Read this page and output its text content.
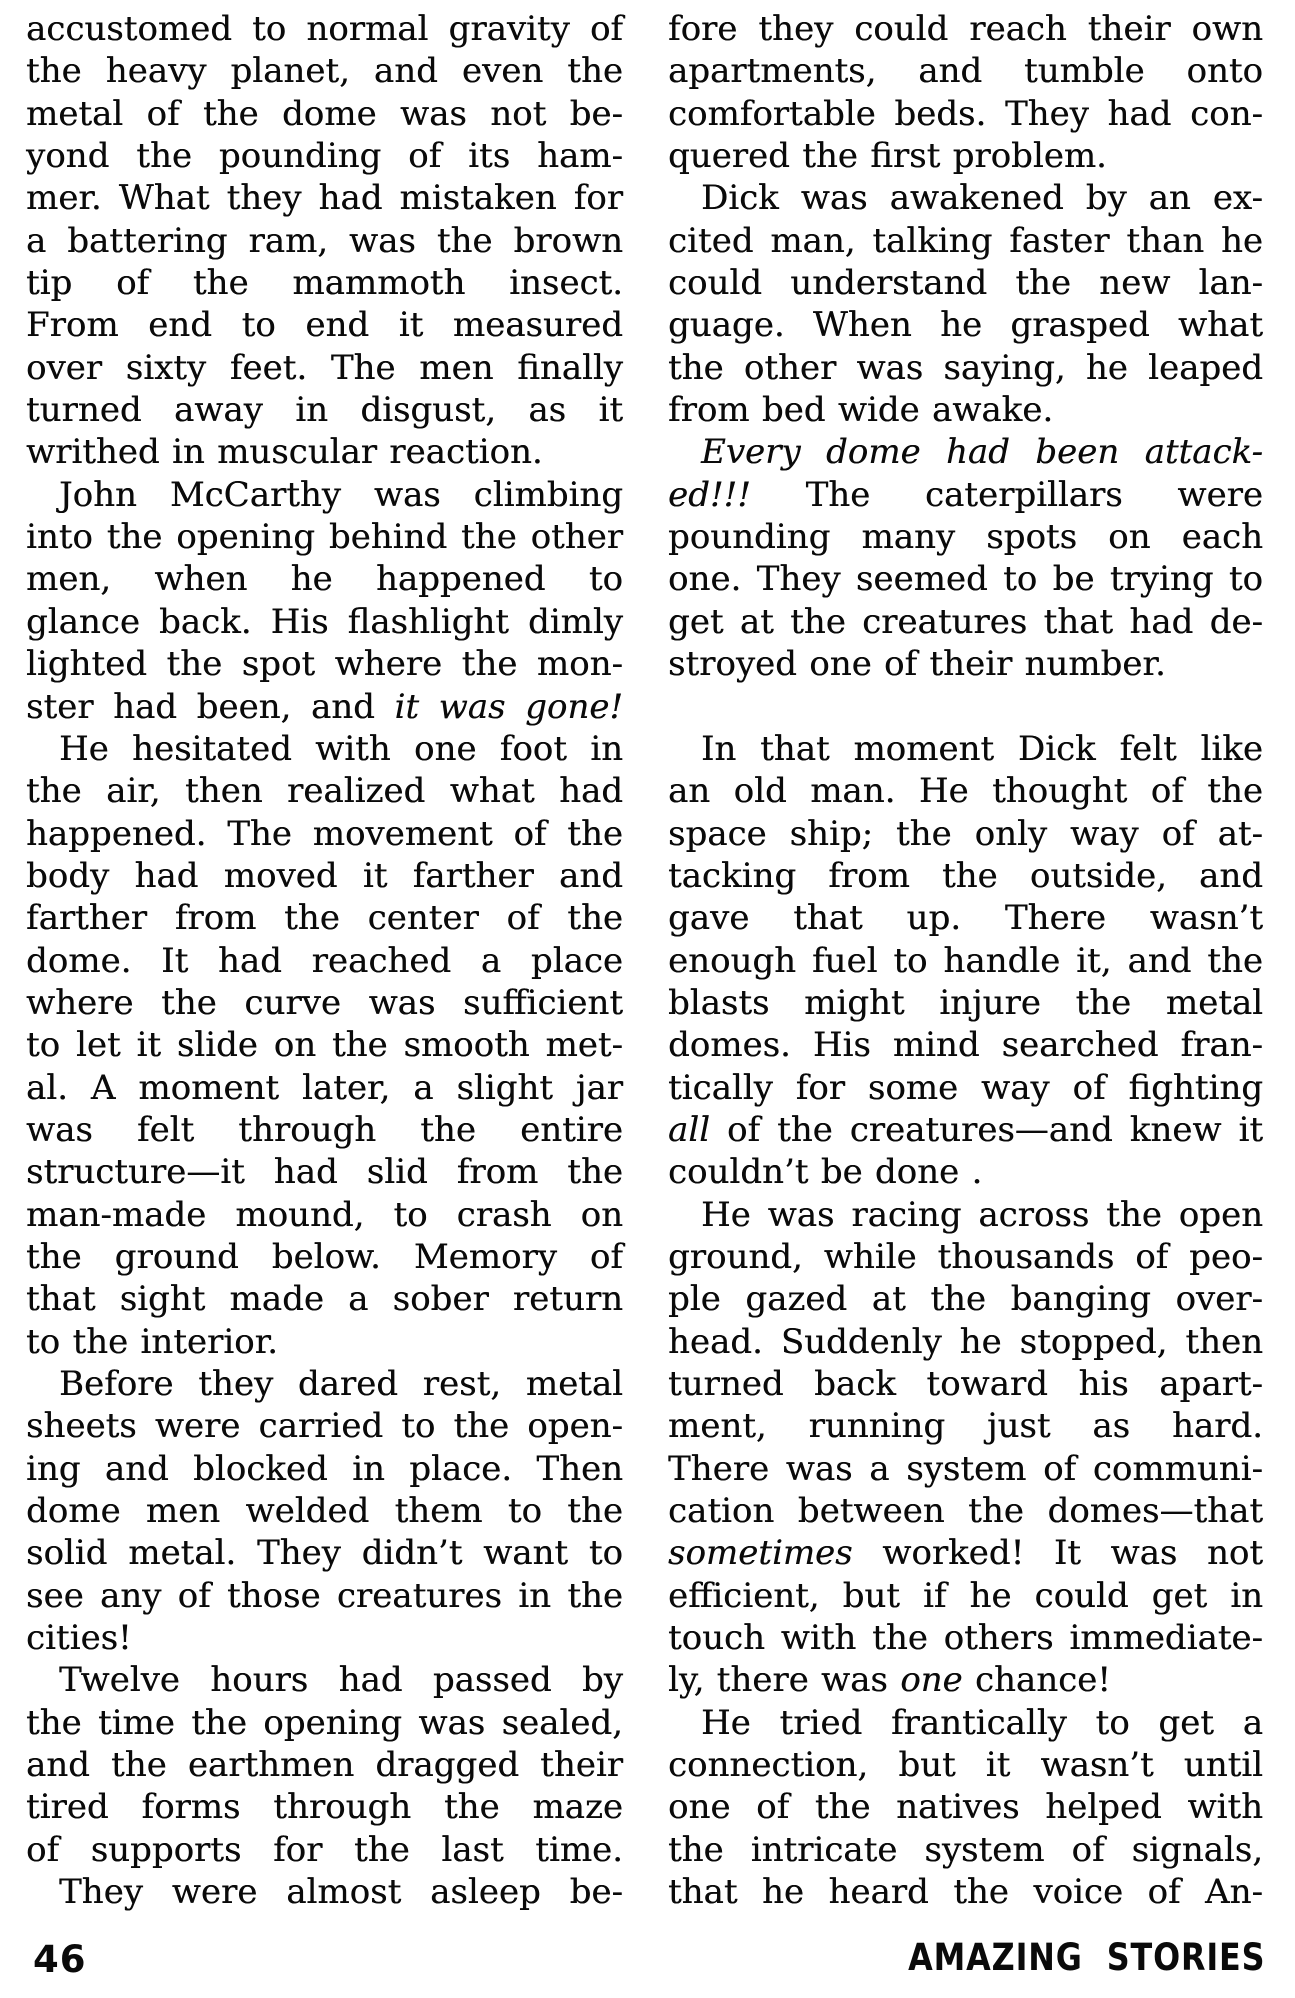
accustomed to normal gravity of
the heavy planet, and even the
metal of the dome was not be-
yond the pounding of its ham-
mer. What they had mistaken for
a battering ram, was the brown
tip of the mammoth insect.
From end to end it measured
over sixty feet. The men finally
turned away in disgust, as it
writhed in muscular reaction.
John McCarthy was climbing
into the opening behind the other
men, when he happened to
glance back. His flashlight dimly
lighted the spot where the mon-
ster had been, and it was gone!
He hesitated with one foot in
the air, then realized what had
happened. The movement of the
body had moved it farther and
farther from the center of the
dome. It had reached a place
where the curve was sufficient
to let it slide on the smooth met-
al. A moment later, a slight jar
was felt through the entire
structure—it had slid from the
man-made mound, to crash on
the ground below. Memory of
that sight made a sober return
to the interior.
Before they dared rest, metal
sheets were carried to the open-
ing and blocked in place. Then
dome men welded them to the
solid metal. They didn’t want to
see any of those creatures in the
cities!
Twelve hours had passed by
the time the opening was sealed,
and the earthmen dragged their
tired forms through the maze
of supports for the last time.
They were almost asleep be-
fore they could reach their own
apartments, and tumble onto
comfortable beds. They had con-
quered the first problem.
Dick was awakened by an ex-
cited man, talking faster than he
could understand the new lan-
guage. When he grasped what
the other was saying, he leaped
from bed wide awake.
Every dome had been attack-
ed!!! The caterpillars were
pounding many spots on each
one. They seemed to be trying to
get at the creatures that had de-
stroyed one of their number.
In that moment Dick felt like
an old man. He thought of the
space ship; the only way of at-
tacking from the outside, and
gave that up. There wasn’t
enough fuel to handle it, and the
blasts might injure the metal
domes. His mind searched fran-
tically for some way of fighting
all of the creatures—and knew it
couldn’t be done .
He was racing across the open
ground, while thousands of peo-
ple gazed at the banging over-
head. Suddenly he stopped, then
turned back toward his apart-
ment, running just as hard.
There was a system of communi-
cation between the domes—that
sometimes worked! It was not
efficient, but if he could get in
touch with the others immediate-
ly, there was one chance!
He tried frantically to get a
connection, but it wasn’t until
one of the natives helped with
the intricate system of signals,
that he heard the voice of An-
46	AMAZING STORIES
